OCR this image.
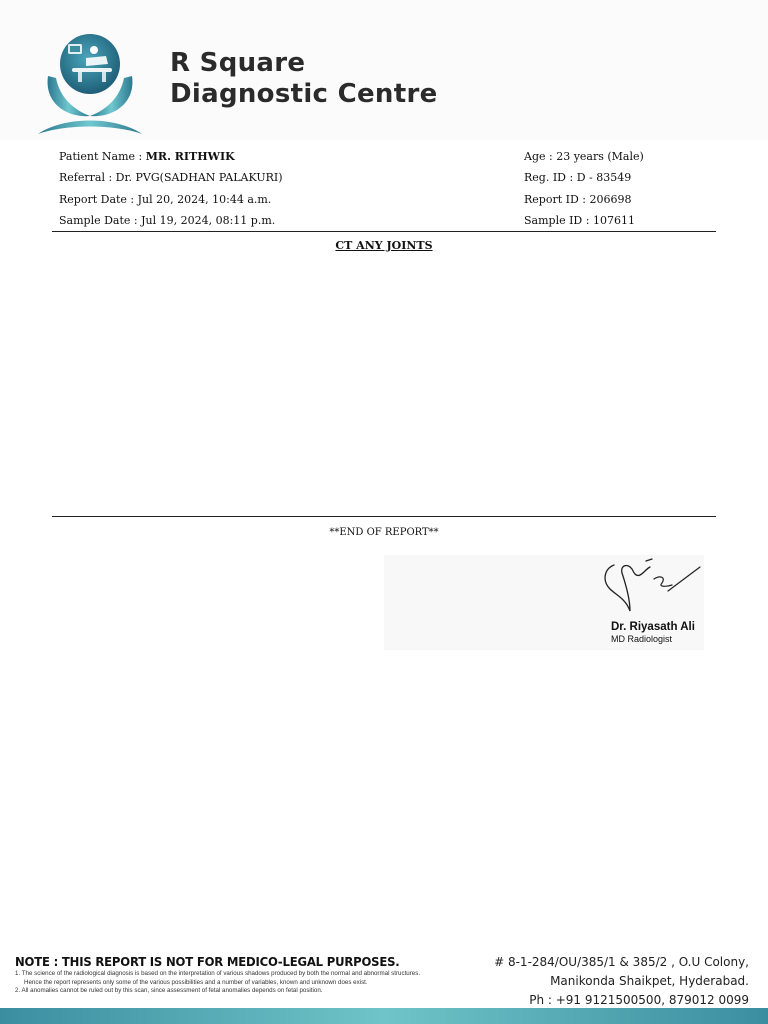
R Square
Diagnostic Centre
Patient Name : MR. RITHWIK
Referral : Dr. PVG(SADHAN PALAKURI)
Report Date : Jul 20, 2024, 10:44 a.m.
Sample Date : Jul 19, 2024, 08:11 p.m.
Age : 23 years (Male)
Reg. ID : D - 83549
Report ID : 206698
Sample ID : 107611
CT ANY JOINTS
**END OF REPORT**
Dr. Riyasath Ali
MD Radiologist
NOTE : THIS REPORT IS NOT FOR MEDICO-LEGAL PURPOSES.
1. The science of the radiological diagnosis is based on the interpretation of various shadows produced by both the normal and abnormal structures.
Hence the report represents only some of the various possibilities and a number of variables, known and unknown does exist.
2. All anomalies cannot be ruled out by this scan, since assessment of fetal anomalies depends on fetal position.
# 8-1-284/OU/385/1 & 385/2 , O.U Colony,
Manikonda Shaikpet, Hyderabad.
Ph : +91 9121500500, 879012 0099
